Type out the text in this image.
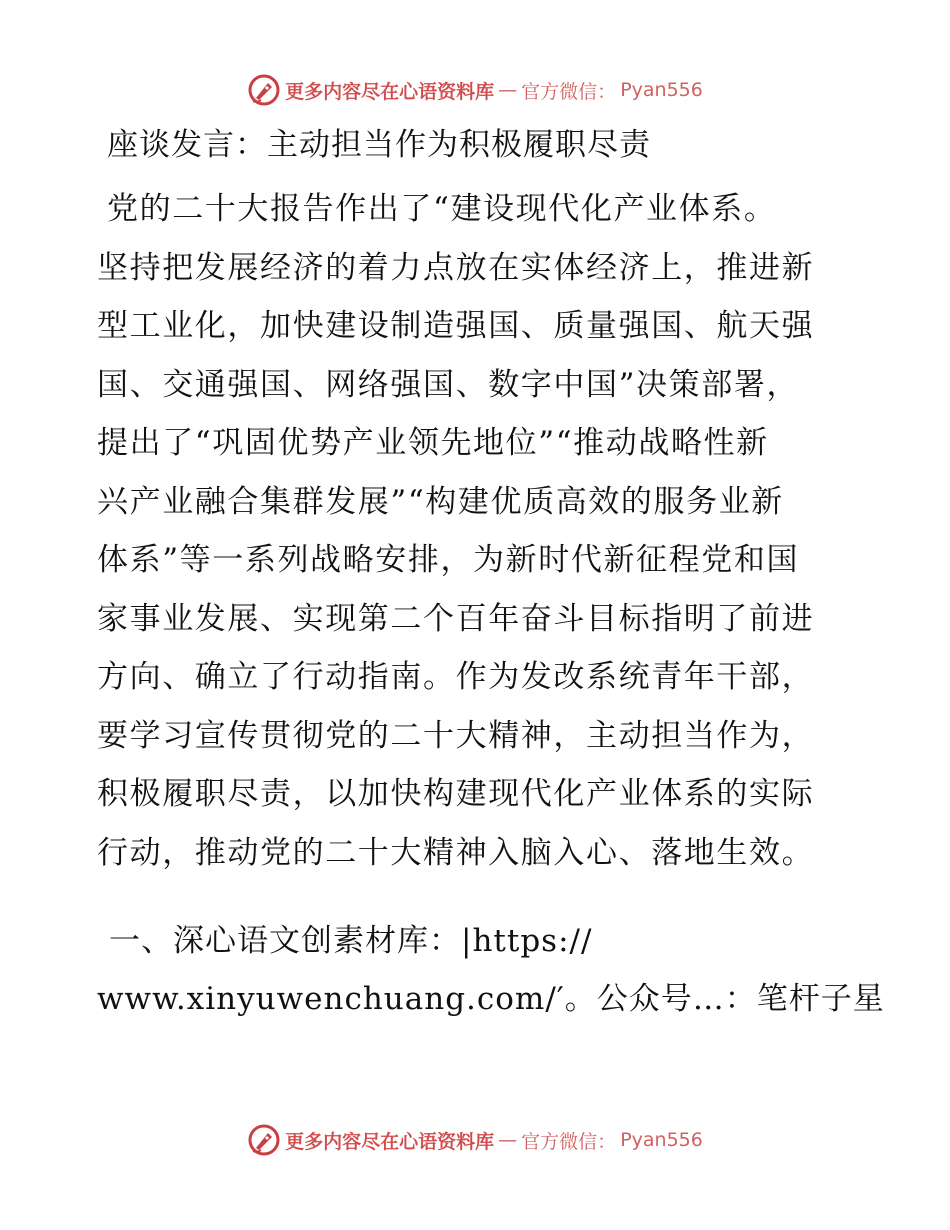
更多内容尽在心语资料库 — 官方微信： Pyan556
座谈发言：主动担当作为积极履职尽责
党的二十大报告作出了“建设现代化产业体系。
坚持把发展经济的着力点放在实体经济上，推进新
型工业化，加快建设制造强国、质量强国、航天强
国、交通强国、网络强国、数字中国”决策部署，
提出了“巩固优势产业领先地位”“推动战略性新
兴产业融合集群发展”“构建优质高效的服务业新
体系”等一系列战略安排，为新时代新征程党和国
家事业发展、实现第二个百年奋斗目标指明了前进
方向、确立了行动指南。作为发改系统青年干部，
要学习宣传贯彻党的二十大精神，主动担当作为，
积极履职尽责，以加快构建现代化产业体系的实际
行动，推动党的二十大精神入脑入心、落地生效。
一、深心语文创素材库：|https://
www.xinyuwenchuang.com/′。公众号…：笔杆子星
更多内容尽在心语资料库 — 官方微信： Pyan556
